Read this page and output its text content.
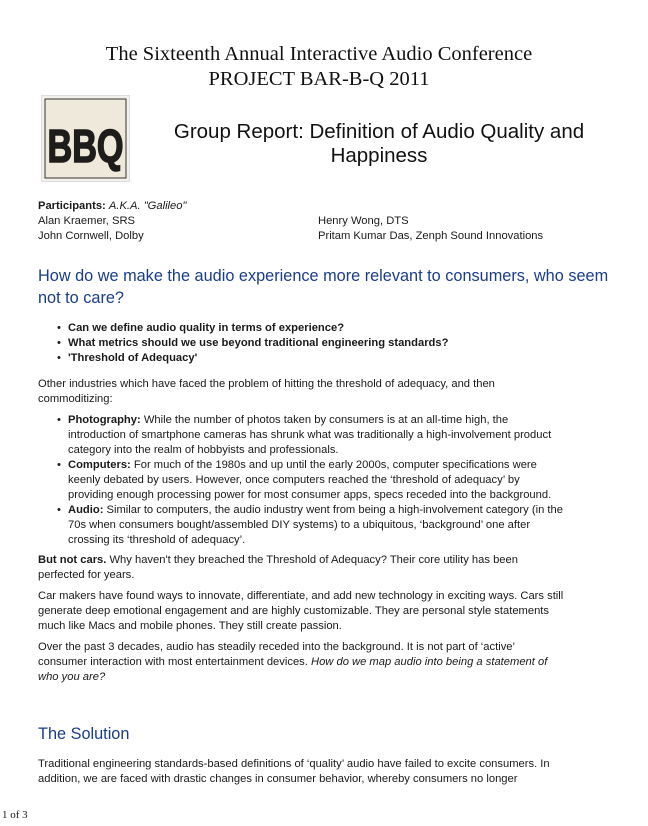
The Sixteenth Annual Interactive Audio Conference
PROJECT BAR-B-Q 2011
BBQ	Group Report: Definition of Audio Quality and
Happiness
Participants: A.K.A. "Galileo"
Alan Kraemer, SRS
John Cornwell, Dolby
Henry Wong, DTS
Pritam Kumar Das, Zenph Sound Innovations
How do we make the audio experience more relevant to consumers, who seem
not to care?
• Can we define audio quality in terms of experience?
• What metrics should we use beyond traditional engineering standards?
• 'Threshold of Adequacy'
Other industries which have faced the problem of hitting the threshold of adequacy, and then
commoditizing:
• Photography: While the number of photos taken by consumers is at an all-time high, the
introduction of smartphone cameras has shrunk what was traditionally a high-involvement product
category into the realm of hobbyists and professionals.
• Computers: For much of the 1980s and up until the early 2000s, computer specifications were
keenly debated by users. However, once computers reached the ‘threshold of adequacy’ by
providing enough processing power for most consumer apps, specs receded into the background.
• Audio: Similar to computers, the audio industry went from being a high-involvement category (in the
70s when consumers bought/assembled DIY systems) to a ubiquitous, ‘background’ one after
crossing its ‘threshold of adequacy’.
But not cars. Why haven't they breached the Threshold of Adequacy? Their core utility has been
perfected for years.
Car makers have found ways to innovate, differentiate, and add new technology in exciting ways. Cars still
generate deep emotional engagement and are highly customizable. They are personal style statements
much like Macs and mobile phones. They still create passion.
Over the past 3 decades, audio has steadily receded into the background. It is not part of ‘active’
consumer interaction with most entertainment devices. How do we map audio into being a statement of
who you are?
The Solution
Traditional engineering standards-based definitions of ‘quality’ audio have failed to excite consumers. In
addition, we are faced with drastic changes in consumer behavior, whereby consumers no longer
1 of 3
